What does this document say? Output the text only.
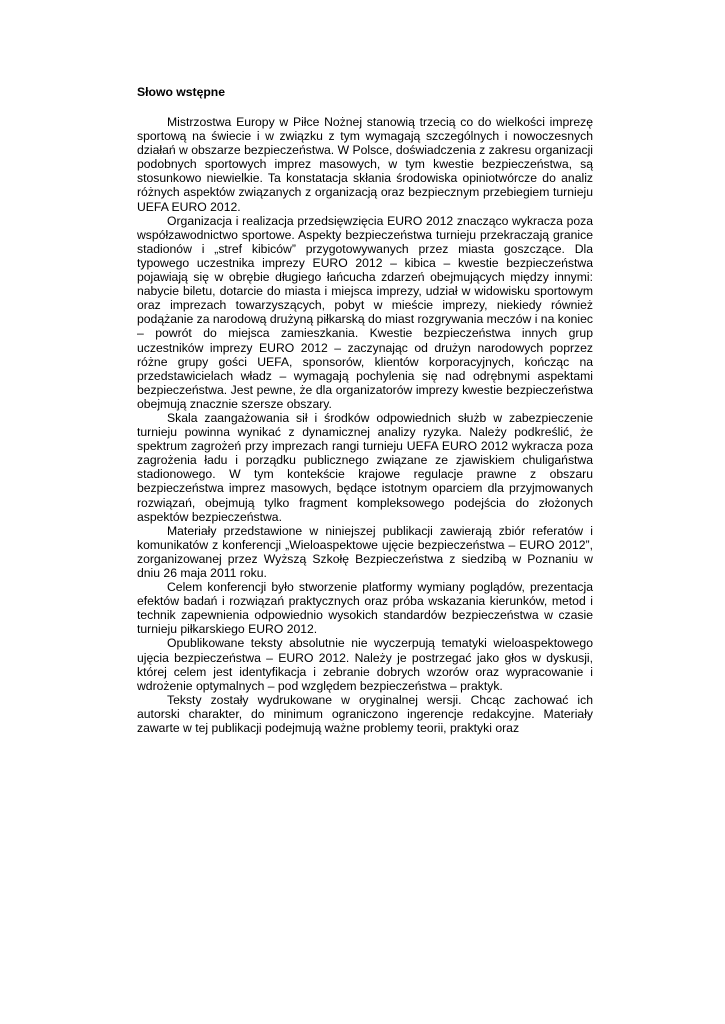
Słowo wstępne

Mistrzostwa Europy w Piłce Nożnej stanowią trzecią co do wielkości imprezę sportową na świecie i w związku z tym wymagają szczególnych i nowoczesnych działań w obszarze bezpieczeństwa. W Polsce, doświadczenia z zakresu organizacji podobnych sportowych imprez masowych, w tym kwestie bezpieczeństwa, są stosunkowo niewielkie. Ta konstatacja skłania środowiska opiniotwórcze do analiz różnych aspektów związanych z organizacją oraz bezpiecznym przebiegiem turnieju UEFA EURO 2012.

Organizacja i realizacja przedsięwzięcia EURO 2012 znacząco wykracza poza współzawodnictwo sportowe. Aspekty bezpieczeństwa turnieju przekraczają granice stadionów i „stref kibiców” przygotowywanych przez miasta goszczące. Dla typowego uczestnika imprezy EURO 2012 – kibica – kwestie bezpieczeństwa pojawiają się w obrębie długiego łańcucha zdarzeń obejmujących między innymi: nabycie biletu, dotarcie do miasta i miejsca imprezy, udział w widowisku sportowym oraz imprezach towarzyszących, pobyt w mieście imprezy, niekiedy również podążanie za narodową drużyną piłkarską do miast rozgrywania meczów i na koniec – powrót do miejsca zamieszkania. Kwestie bezpieczeństwa innych grup uczestników imprezy EURO 2012 – zaczynając od drużyn narodowych poprzez różne grupy gości UEFA, sponsorów, klientów korporacyjnych, kończąc na przedstawicielach władz – wymagają pochylenia się nad odrębnymi aspektami bezpieczeństwa. Jest pewne, że dla organizatorów imprezy kwestie bezpieczeństwa obejmują znacznie szersze obszary.

Skala zaangażowania sił i środków odpowiednich służb w zabezpieczenie turnieju powinna wynikać z dynamicznej analizy ryzyka. Należy podkreślić, że spektrum zagrożeń przy imprezach rangi turnieju UEFA EURO 2012 wykracza poza zagrożenia ładu i porządku publicznego związane ze zjawiskiem chuligaństwa stadionowego. W tym kontekście krajowe regulacje prawne z obszaru bezpieczeństwa imprez masowych, będące istotnym oparciem dla przyjmowanych rozwiązań, obejmują tylko fragment kompleksowego podejścia do złożonych aspektów bezpieczeństwa.

Materiały przedstawione w niniejszej publikacji zawierają zbiór referatów i komunikatów z konferencji „Wieloaspektowe ujęcie bezpieczeństwa – EURO 2012”, zorganizowanej przez Wyższą Szkołę Bezpieczeństwa z siedzibą w Poznaniu w dniu 26 maja 2011 roku.

Celem konferencji było stworzenie platformy wymiany poglądów, prezentacja efektów badań i rozwiązań praktycznych oraz próba wskazania kierunków, metod i technik zapewnienia odpowiednio wysokich standardów bezpieczeństwa w czasie turnieju piłkarskiego EURO 2012.

Opublikowane teksty absolutnie nie wyczerpują tematyki wieloaspektowego ujęcia bezpieczeństwa – EURO 2012. Należy je postrzegać jako głos w dyskusji, której celem jest identyfikacja i zebranie dobrych wzorów oraz wypracowanie i wdrożenie optymalnych – pod względem bezpieczeństwa – praktyk.

Teksty zostały wydrukowane w oryginalnej wersji. Chcąc zachować ich autorski charakter, do minimum ograniczono ingerencje redakcyjne. Materiały zawarte w tej publikacji podejmują ważne problemy teorii, praktyki oraz
